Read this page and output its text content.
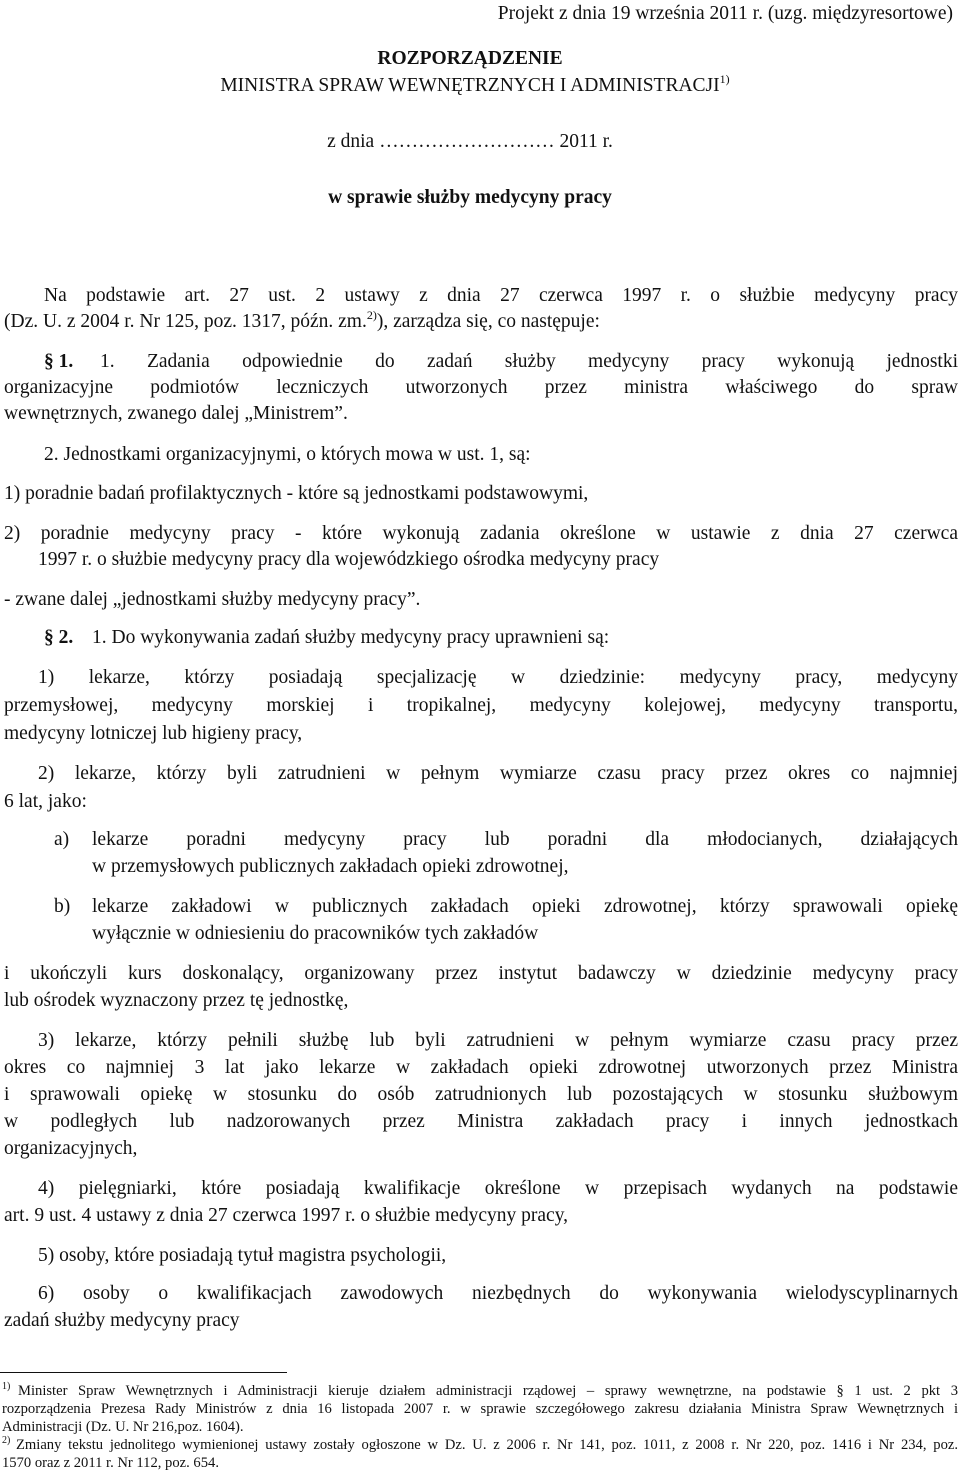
Projekt z dnia 19 września 2011 r. (uzg. międzyresortowe)
ROZPORZĄDZENIE
MINISTRA SPRAW WEWNĘTRZNYCH I ADMINISTRACJI$^{1)}$
z dnia ……………………… 2011 r.
w sprawie służby medycyny pracy
Na podstawie art. 27 ust. 2 ustawy z dnia 27 czerwca 1997 r. o służbie medycyny pracy
(Dz. U. z 2004 r. Nr 125, poz. 1317, późn. zm.$^{2)}$), zarządza się, co następuje:
§ 1. 1. Zadania odpowiednie do zadań służby medycyny pracy wykonują jednostki
organizacyjne podmiotów leczniczych utworzonych przez ministra właściwego do spraw
wewnętrznych, zwanego dalej „Ministrem”.
2. Jednostkami organizacyjnymi, o których mowa w ust. 1, są:
1) poradnie badań profilaktycznych - które są jednostkami podstawowymi,
2) poradnie medycyny pracy - które wykonują zadania określone w ustawie z dnia 27 czerwca
1997 r. o służbie medycyny pracy dla wojewódzkiego ośrodka medycyny pracy
- zwane dalej „jednostkami służby medycyny pracy”.
§ 2. 1. Do wykonywania zadań służby medycyny pracy uprawnieni są:
1) lekarze, którzy posiadają specjalizację w dziedzinie: medycyny pracy, medycyny
przemysłowej, medycyny morskiej i tropikalnej, medycyny kolejowej, medycyny transportu,
medycyny lotniczej lub higieny pracy,
2) lekarze, którzy byli zatrudnieni w pełnym wymiarze czasu pracy przez okres co najmniej
6 lat, jako:
a) lekarze poradni medycyny pracy lub poradni dla młodocianych, działających
w przemysłowych publicznych zakładach opieki zdrowotnej,
b) lekarze zakładowi w publicznych zakładach opieki zdrowotnej, którzy sprawowali opiekę
wyłącznie w odniesieniu do pracowników tych zakładów
i ukończyli kurs doskonalący, organizowany przez instytut badawczy w dziedzinie medycyny pracy
lub ośrodek wyznaczony przez tę jednostkę,
3) lekarze, którzy pełnili służbę lub byli zatrudnieni w pełnym wymiarze czasu pracy przez
okres co najmniej 3 lat jako lekarze w zakładach opieki zdrowotnej utworzonych przez Ministra
i sprawowali opiekę w stosunku do osób zatrudnionych lub pozostających w stosunku służbowym
w podległych lub nadzorowanych przez Ministra zakładach pracy i innych jednostkach
organizacyjnych,
4) pielęgniarki, które posiadają kwalifikacje określone w przepisach wydanych na podstawie
art. 9 ust. 4 ustawy z dnia 27 czerwca 1997 r. o służbie medycyny pracy,
5) osoby, które posiadają tytuł magistra psychologii,
6) osoby o kwalifikacjach zawodowych niezbędnych do wykonywania wielodyscyplinarnych
zadań służby medycyny pracy
$^{1)}$ Minister Spraw Wewnętrznych i Administracji kieruje działem administracji rządowej – sprawy wewnętrzne, na podstawie § 1 ust. 2 pkt 3
rozporządzenia Prezesa Rady Ministrów z dnia 16 listopada 2007 r. w sprawie szczegółowego zakresu działania Ministra Spraw Wewnętrznych i
Administracji (Dz. U. Nr 216,poz. 1604).
$^{2)}$ Zmiany tekstu jednolitego wymienionej ustawy zostały ogłoszone w Dz. U. z 2006 r. Nr 141, poz. 1011, z 2008 r. Nr 220, poz. 1416 i Nr 234, poz.
1570 oraz z 2011 r. Nr 112, poz. 654.
